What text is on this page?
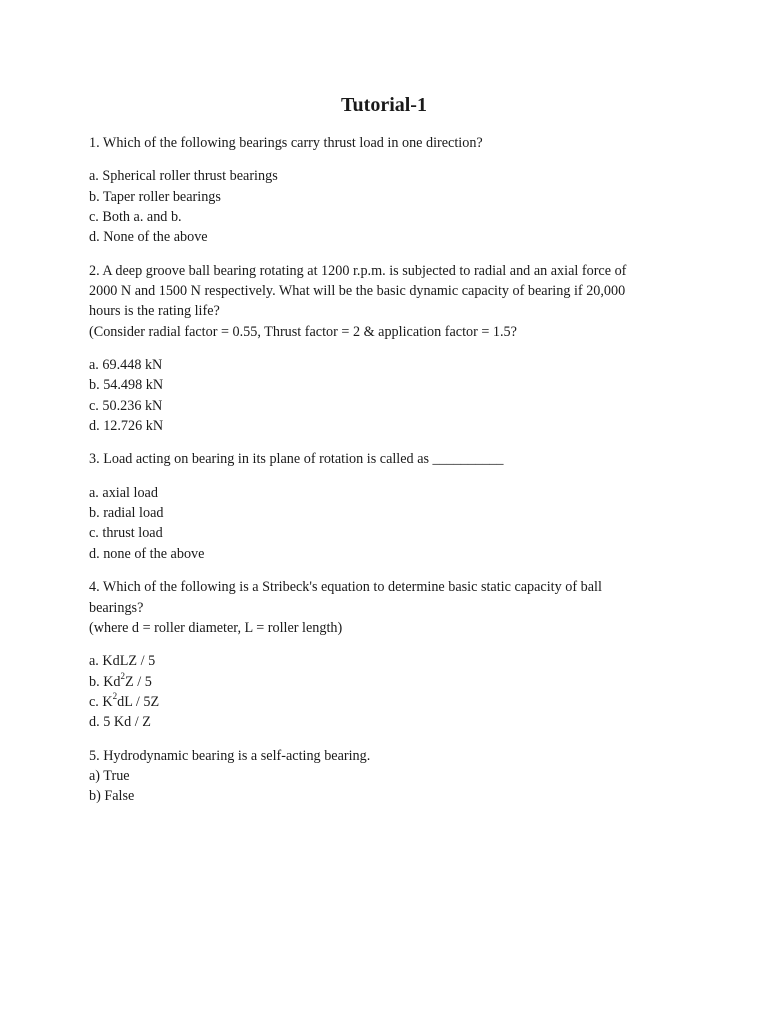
Tutorial-1

1. Which of the following bearings carry thrust load in one direction?

a. Spherical roller thrust bearings

b. Taper roller bearings

c. Both a. and b.

d. None of the above

2. A deep groove ball bearing rotating at 1200 r.p.m. is subjected to radial and an axial force of

2000 N and 1500 N respectively. What will be the basic dynamic capacity of bearing if 20,000

hours is the rating life?

(Consider radial factor = 0.55, Thrust factor = 2 & application factor = 1.5?

a. 69.448 kN

b. 54.498 kN

c. 50.236 kN

d. 12.726 kN

3. Load acting on bearing in its plane of rotation is called as __________

a. axial load

b. radial load

c. thrust load

d. none of the above

4. Which of the following is a Stribeck's equation to determine basic static capacity of ball

bearings?

(where d = roller diameter, L = roller length)

a. KdLZ / 5

b. Kd$^2$Z / 5

c. $K^2dL / 5Z$

d. 5 Kd / Z

5. Hydrodynamic bearing is a self-acting bearing.

a) True

b) False
